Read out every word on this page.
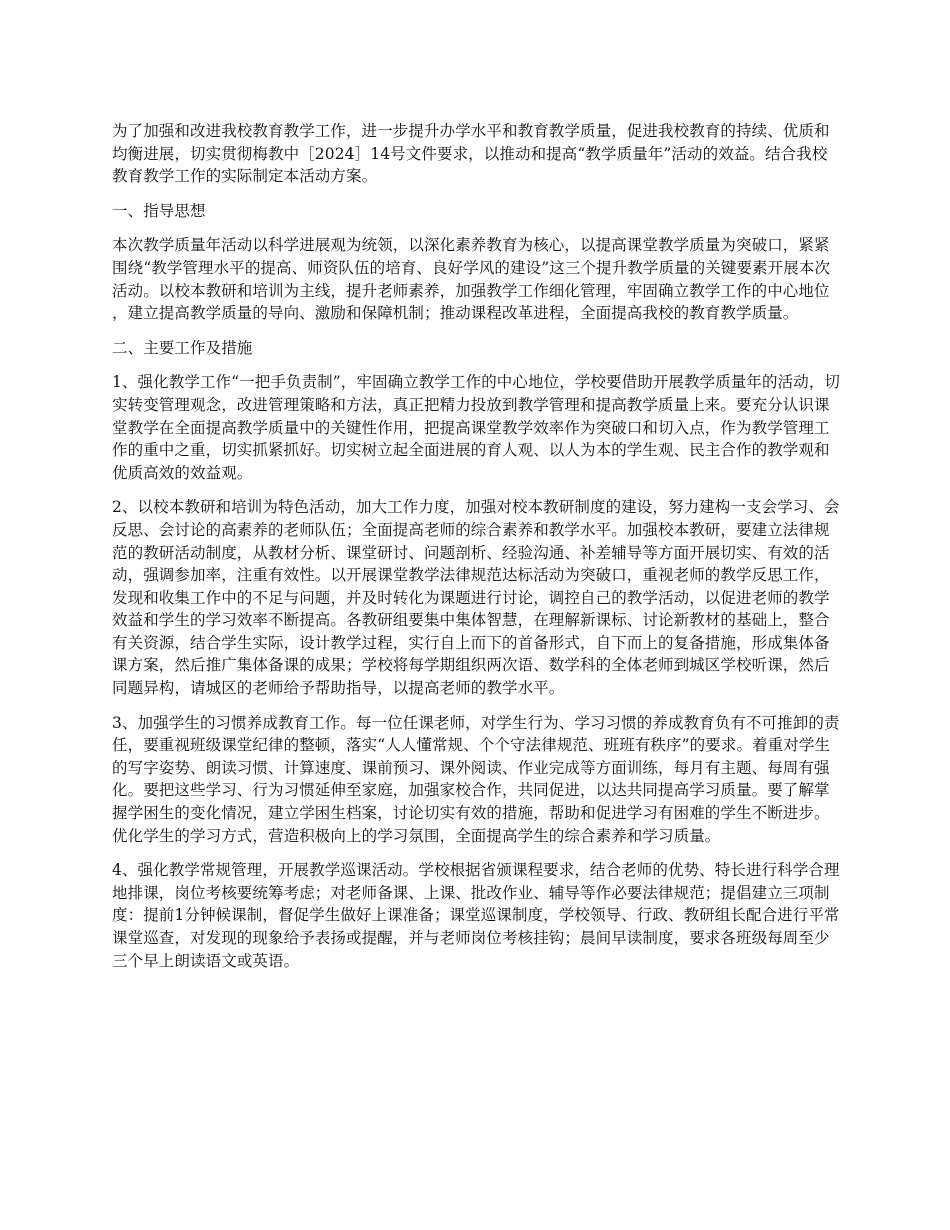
为了加强和改进我校教育教学工作，进一步提升办学水平和教育教学质量，促进我校教育的持续、优质和均衡进展，切实贯彻梅教中［2024］14号文件要求，以推动和提高“教学质量年”活动的效益。结合我校教育教学工作的实际制定本活动方案。

一、指导思想

本次教学质量年活动以科学进展观为统领，以深化素养教育为核心，以提高课堂教学质量为突破口，紧紧围绕“教学管理水平的提高、师资队伍的培育、良好学风的建设”这三个提升教学质量的关键要素开展本次活动。以校本教研和培训为主线，提升老师素养，加强教学工作细化管理，牢固确立教学工作的中心地位，建立提高教学质量的导向、激励和保障机制；推动课程改革进程，全面提高我校的教育教学质量。

二、主要工作及措施

1、强化教学工作“一把手负责制”，牢固确立教学工作的中心地位，学校要借助开展教学质量年的活动，切实转变管理观念，改进管理策略和方法，真正把精力投放到教学管理和提高教学质量上来。要充分认识课堂教学在全面提高教学质量中的关键性作用，把提高课堂教学效率作为突破口和切入点，作为教学管理工作的重中之重，切实抓紧抓好。切实树立起全面进展的育人观、以人为本的学生观、民主合作的教学观和优质高效的效益观。

2、以校本教研和培训为特色活动，加大工作力度，加强对校本教研制度的建设，努力建构一支会学习、会反思、会讨论的高素养的老师队伍；全面提高老师的综合素养和教学水平。加强校本教研，要建立法律规范的教研活动制度，从教材分析、课堂研讨、问题剖析、经验沟通、补差辅导等方面开展切实、有效的活动，强调参加率，注重有效性。以开展课堂教学法律规范达标活动为突破口，重视老师的教学反思工作，发现和收集工作中的不足与问题，并及时转化为课题进行讨论，调控自己的教学活动，以促进老师的教学效益和学生的学习效率不断提高。各教研组要集中集体智慧，在理解新课标、讨论新教材的基础上，整合有关资源，结合学生实际，设计教学过程，实行自上而下的首备形式，自下而上的复备措施，形成集体备课方案，然后推广集体备课的成果；学校将每学期组织两次语、数学科的全体老师到城区学校听课，然后同题异构，请城区的老师给予帮助指导，以提高老师的教学水平。

3、加强学生的习惯养成教育工作。每一位任课老师，对学生行为、学习习惯的养成教育负有不可推卸的责任，要重视班级课堂纪律的整顿，落实“人人懂常规、个个守法律规范、班班有秩序”的要求。着重对学生的写字姿势、朗读习惯、计算速度、课前预习、课外阅读、作业完成等方面训练，每月有主题、每周有强化。要把这些学习、行为习惯延伸至家庭，加强家校合作，共同促进，以达共同提高学习质量。要了解掌握学困生的变化情况，建立学困生档案，讨论切实有效的措施，帮助和促进学习有困难的学生不断进步。优化学生的学习方式，营造积极向上的学习氛围，全面提高学生的综合素养和学习质量。

4、强化教学常规管理，开展教学巡课活动。学校根据省颁课程要求，结合老师的优势、特长进行科学合理地排课，岗位考核要统筹考虑；对老师备课、上课、批改作业、辅导等作必要法律规范；提倡建立三项制度：提前1分钟候课制，督促学生做好上课准备；课堂巡课制度，学校领导、行政、教研组长配合进行平常课堂巡查，对发现的现象给予表扬或提醒，并与老师岗位考核挂钩；晨间早读制度，要求各班级每周至少三个早上朗读语文或英语。
